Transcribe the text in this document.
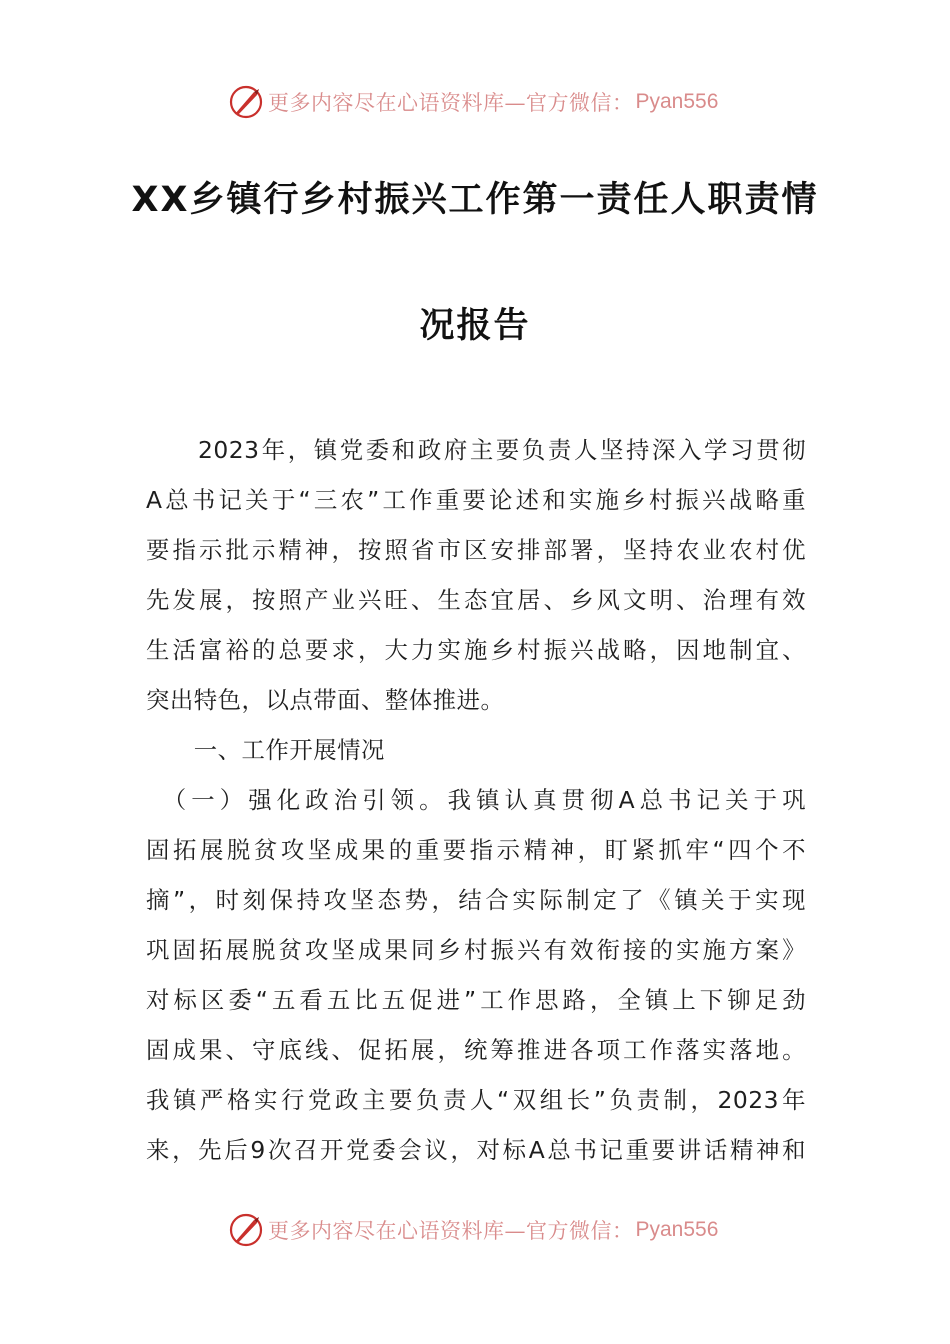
更多内容尽在心语资料库—官方微信： Pyan556
XX乡镇行乡村振兴工作第一责任人职责情
况报告
　　2023年，镇党委和政府主要负责人坚持深入学习贯彻
A总书记关于“三农”工作重要论述和实施乡村振兴战略重
要指示批示精神，按照省市区安排部署，坚持农业农村优
先发展，按照产业兴旺、生态宜居、乡风文明、治理有效
生活富裕的总要求，大力实施乡村振兴战略，因地制宜、
突出特色，以点带面、整体推进。
　　一、工作开展情况
　（一）强化政治引领。我镇认真贯彻A总书记关于巩
固拓展脱贫攻坚成果的重要指示精神，盯紧抓牢“四个不
摘”，时刻保持攻坚态势，结合实际制定了《镇关于实现
巩固拓展脱贫攻坚成果同乡村振兴有效衔接的实施方案》
对标区委“五看五比五促进”工作思路，全镇上下铆足劲
固成果、守底线、促拓展，统筹推进各项工作落实落地。
我镇严格实行党政主要负责人“双组长”负责制，2023年
来，先后9次召开党委会议，对标A总书记重要讲话精神和
更多内容尽在心语资料库—官方微信： Pyan556
